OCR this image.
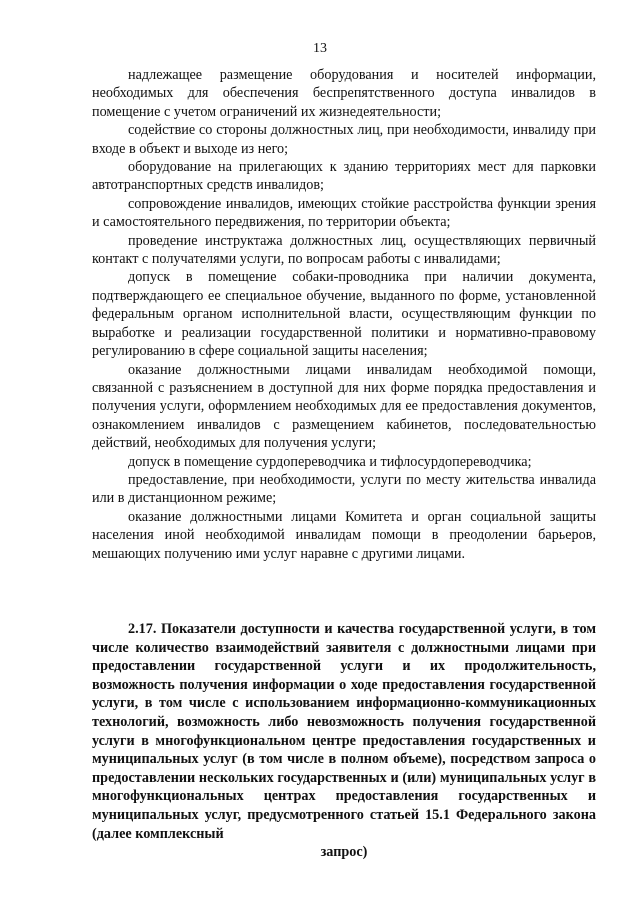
13

надлежащее размещение оборудования и носителей информации, необходимых для обеспечения беспрепятственного доступа инвалидов в помещение с учетом ограничений их жизнедеятельности;

содействие со стороны должностных лиц, при необходимости, инвалиду при входе в объект и выходе из него;

оборудование на прилегающих к зданию территориях мест для парковки автотранспортных средств инвалидов;

сопровождение инвалидов, имеющих стойкие расстройства функции зрения и самостоятельного передвижения, по территории объекта;

проведение инструктажа должностных лиц, осуществляющих первичный контакт с получателями услуги, по вопросам работы с инвалидами;

допуск в помещение собаки-проводника при наличии документа, подтверждающего ее специальное обучение, выданного по форме, установленной федеральным органом исполнительной власти, осуществляющим функции по выработке и реализации государственной политики и нормативно-правовому регулированию в сфере социальной защиты населения;

оказание должностными лицами инвалидам необходимой помощи, связанной с разъяснением в доступной для них форме порядка предоставления и получения услуги, оформлением необходимых для ее предоставления документов, ознакомлением инвалидов с размещением кабинетов, последовательностью действий, необходимых для получения услуги;

допуск в помещение сурдопереводчика и тифлосурдопереводчика;

предоставление, при необходимости, услуги по месту жительства инвалида или в дистанционном режиме;

оказание должностными лицами Комитета и орган социальной защиты населения иной необходимой инвалидам помощи в преодолении барьеров, мешающих получению ими услуг наравне с другими лицами.

2.17. Показатели доступности и качества государственной услуги, в том числе количество взаимодействий заявителя с должностными лицами при предоставлении государственной услуги и их продолжительность, возможность получения информации о ходе предоставления государственной услуги, в том числе с использованием информационно-коммуникационных технологий, возможность либо невозможность получения государственной услуги в многофункциональном центре предоставления государственных и муниципальных услуг (в том числе в полном объеме), посредством запроса о предоставлении нескольких государственных и (или) муниципальных услуг в многофункциональных центрах предоставления государственных и муниципальных услуг, предусмотренного статьей 15.1 Федерального закона (далее комплексный
запрос)
